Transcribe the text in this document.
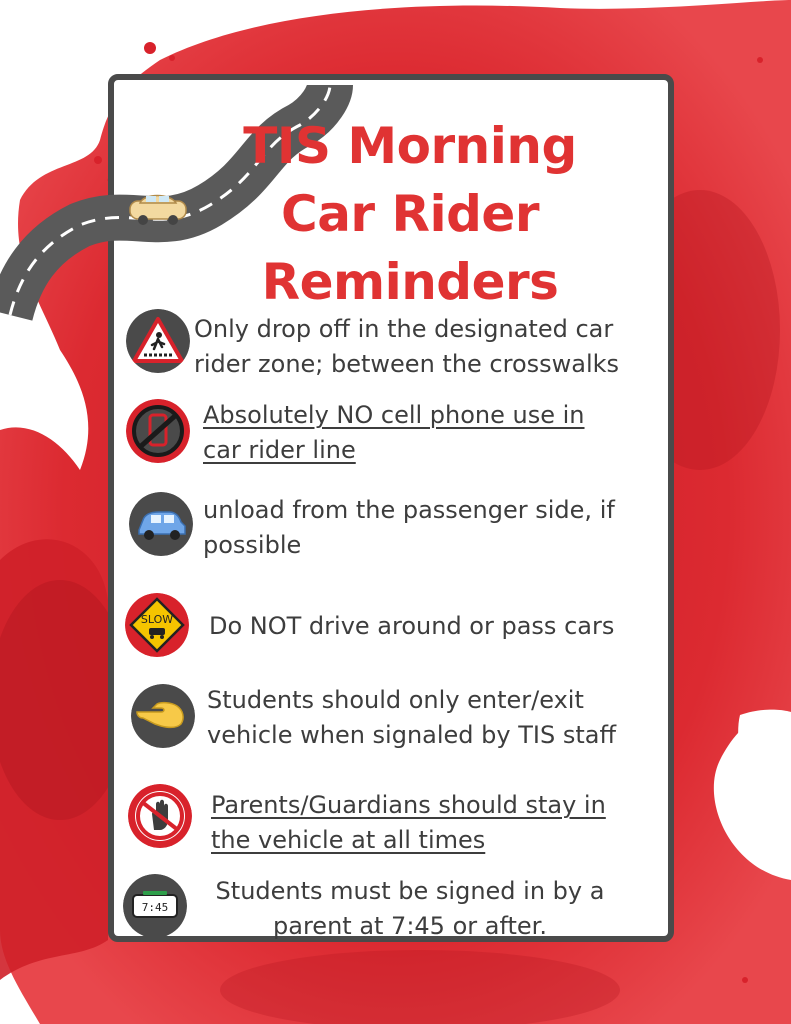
TIS Morning
Car Rider
Reminders
Only drop off in the designated car
rider zone; between the crosswalks
Absolutely NO cell phone use in
car rider line
unload from the passenger side, if
possible
SLOW Do NOT drive around or pass cars
Students should only enter/exit
vehicle when signaled by TIS staff
Parents/Guardians should stay in
the vehicle at all times
7:45
Students must be signed in by a
parent at 7:45 or after.
